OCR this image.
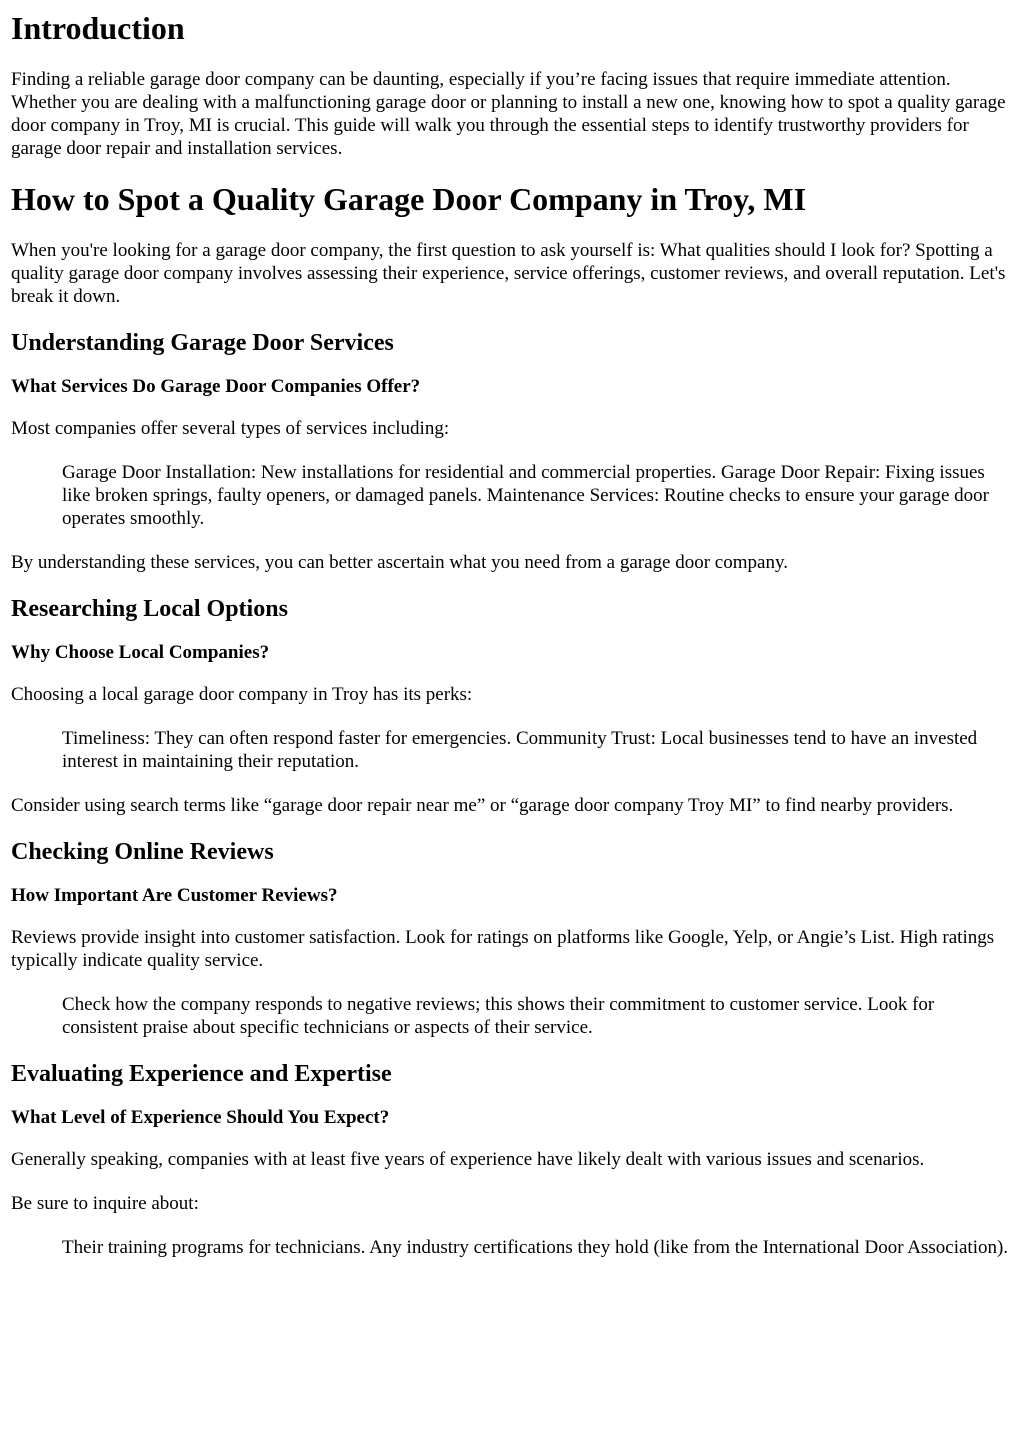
Introduction

Finding a reliable garage door company can be daunting, especially if you’re facing issues that require immediate attention. Whether you are dealing with a malfunctioning garage door or planning to install a new one, knowing how to spot a quality garage door company in Troy, MI is crucial. This guide will walk you through the essential steps to identify trustworthy providers for garage door repair and installation services.

How to Spot a Quality Garage Door Company in Troy, MI

When you're looking for a garage door company, the first question to ask yourself is: What qualities should I look for? Spotting a quality garage door company involves assessing their experience, service offerings, customer reviews, and overall reputation. Let's break it down.

Understanding Garage Door Services
What Services Do Garage Door Companies Offer?

Most companies offer several types of services including:

Garage Door Installation: New installations for residential and commercial properties. Garage Door Repair: Fixing issues like broken springs, faulty openers, or damaged panels. Maintenance Services: Routine checks to ensure your garage door operates smoothly.

By understanding these services, you can better ascertain what you need from a garage door company.

Researching Local Options
Why Choose Local Companies?

Choosing a local garage door company in Troy has its perks:

Timeliness: They can often respond faster for emergencies. Community Trust: Local businesses tend to have an invested interest in maintaining their reputation.

Consider using search terms like “garage door repair near me” or “garage door company Troy MI” to find nearby providers.

Checking Online Reviews
How Important Are Customer Reviews?

Reviews provide insight into customer satisfaction. Look for ratings on platforms like Google, Yelp, or Angie’s List. High ratings typically indicate quality service.

Check how the company responds to negative reviews; this shows their commitment to customer service. Look for consistent praise about specific technicians or aspects of their service.
Evaluating Experience and Expertise
What Level of Experience Should You Expect?

Generally speaking, companies with at least five years of experience have likely dealt with various issues and scenarios.

Be sure to inquire about:

Their training programs for technicians. Any industry certifications they hold (like from the International Door Association).
